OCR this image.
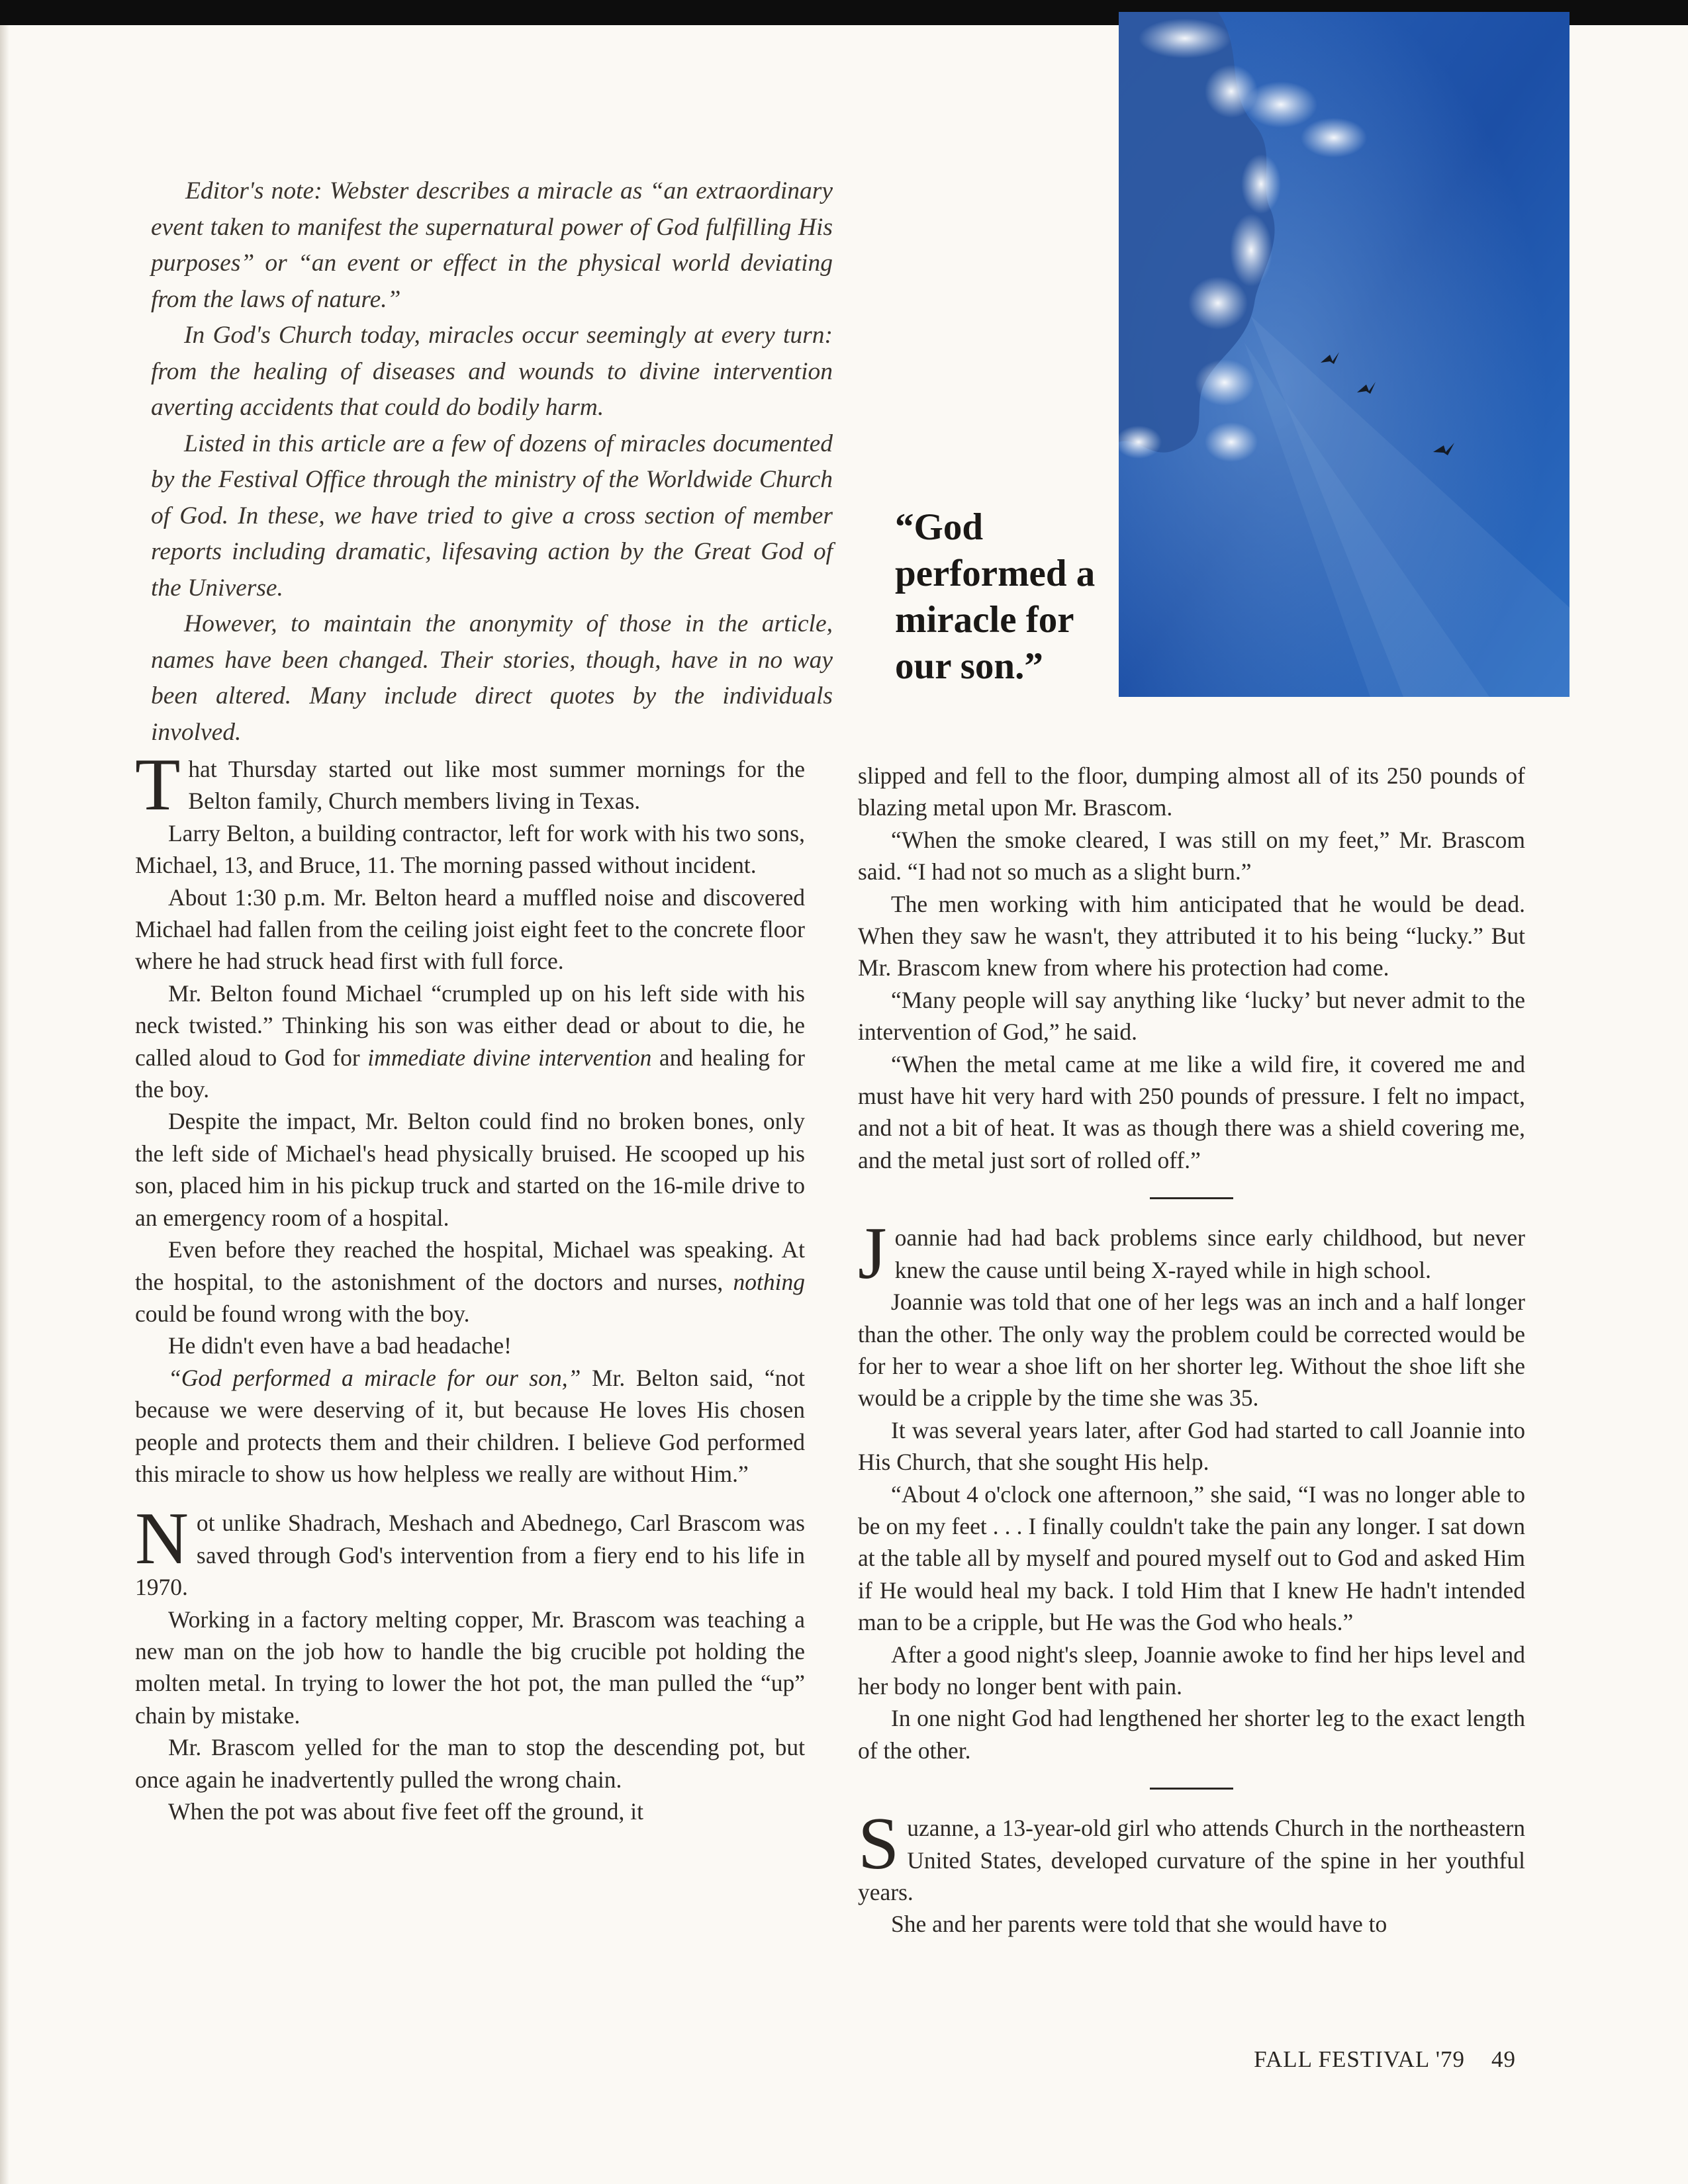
Editor's note: Webster describes a miracle as “an extraordinary event taken to manifest the supernatural power of God fulfilling His purposes” or “an event or effect in the physical world deviating from the laws of nature.”

In God's Church today, miracles occur seemingly at every turn: from the healing of diseases and wounds to divine intervention averting accidents that could do bodily harm.

Listed in this article are a few of dozens of miracles documented by the Festival Office through the ministry of the Worldwide Church of God. In these, we have tried to give a cross section of member reports including dramatic, lifesaving action by the Great God of the Universe.

However, to maintain the anonymity of those in the article, names have been changed. Their stories, though, have in no way been altered. Many include direct quotes by the individuals involved.

“God performed a miracle for our son.”

That Thursday started out like most summer mornings for the Belton family, Church members living in Texas.

Larry Belton, a building contractor, left for work with his two sons, Michael, 13, and Bruce, 11. The morning passed without incident.

About 1:30 p.m. Mr. Belton heard a muffled noise and discovered Michael had fallen from the ceiling joist eight feet to the concrete floor where he had struck head first with full force.

Mr. Belton found Michael “crumpled up on his left side with his neck twisted.” Thinking his son was either dead or about to die, he called aloud to God for immediate divine intervention and healing for the boy.

Despite the impact, Mr. Belton could find no broken bones, only the left side of Michael's head physically bruised. He scooped up his son, placed him in his pickup truck and started on the 16-mile drive to an emergency room of a hospital.

Even before they reached the hospital, Michael was speaking. At the hospital, to the astonishment of the doctors and nurses, nothing could be found wrong with the boy.

He didn't even have a bad headache!

“God performed a miracle for our son,” Mr. Belton said, “not because we were deserving of it, but because He loves His chosen people and protects them and their children. I believe God performed this miracle to show us how helpless we really are without Him.”

Not unlike Shadrach, Meshach and Abednego, Carl Brascom was saved through God's intervention from a fiery end to his life in 1970.

Working in a factory melting copper, Mr. Brascom was teaching a new man on the job how to handle the big crucible pot holding the molten metal. In trying to lower the hot pot, the man pulled the “up” chain by mistake.

Mr. Brascom yelled for the man to stop the descending pot, but once again he inadvertently pulled the wrong chain.

When the pot was about five feet off the ground, it

slipped and fell to the floor, dumping almost all of its 250 pounds of blazing metal upon Mr. Brascom.

“When the smoke cleared, I was still on my feet,” Mr. Brascom said. “I had not so much as a slight burn.”

The men working with him anticipated that he would be dead. When they saw he wasn't, they attributed it to his being “lucky.” But Mr. Brascom knew from where his protection had come.

“Many people will say anything like ‘lucky’ but never admit to the intervention of God,” he said.

“When the metal came at me like a wild fire, it covered me and must have hit very hard with 250 pounds of pressure. I felt no impact, and not a bit of heat. It was as though there was a shield covering me, and the metal just sort of rolled off.”

Joannie had had back problems since early childhood, but never knew the cause until being X-rayed while in high school.

Joannie was told that one of her legs was an inch and a half longer than the other. The only way the problem could be corrected would be for her to wear a shoe lift on her shorter leg. Without the shoe lift she would be a cripple by the time she was 35.

It was several years later, after God had started to call Joannie into His Church, that she sought His help.

“About 4 o'clock one afternoon,” she said, “I was no longer able to be on my feet . . . I finally couldn't take the pain any longer. I sat down at the table all by myself and poured myself out to God and asked Him if He would heal my back. I told Him that I knew He hadn't intended man to be a cripple, but He was the God who heals.”

After a good night's sleep, Joannie awoke to find her hips level and her body no longer bent with pain.

In one night God had lengthened her shorter leg to the exact length of the other.

Suzanne, a 13-year-old girl who attends Church in the northeastern United States, developed curvature of the spine in her youthful years.

She and her parents were told that she would have to

FALL FESTIVAL '79 49
